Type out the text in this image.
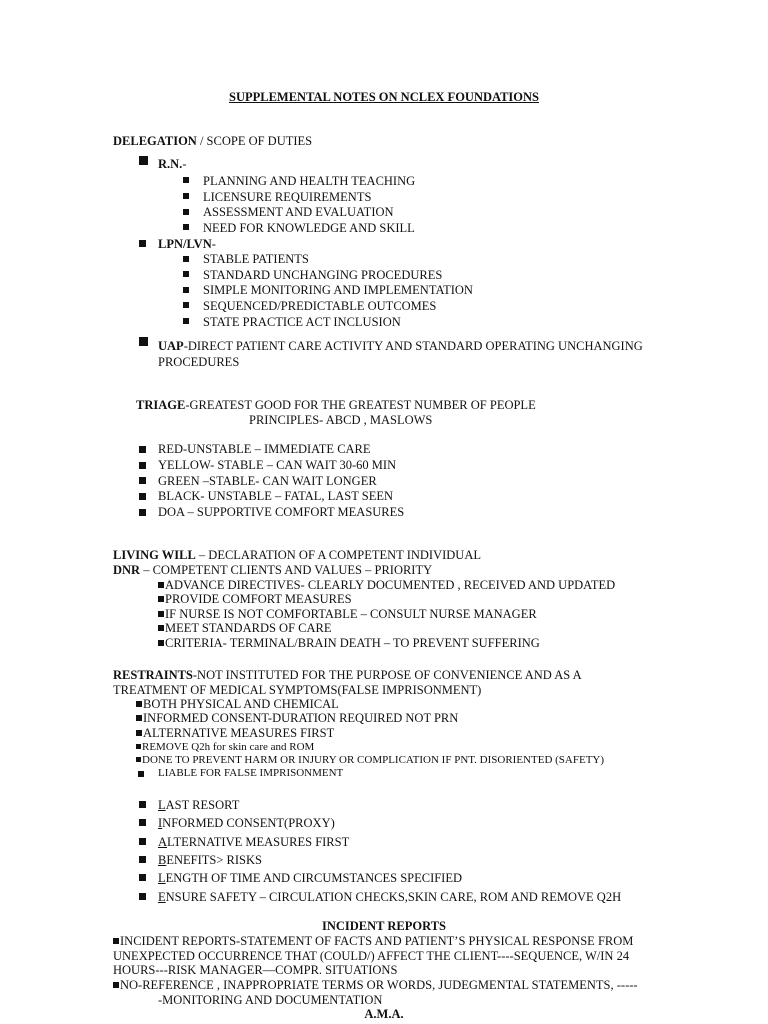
SUPPLEMENTAL NOTES ON NCLEX FOUNDATIONS
DELEGATION / SCOPE OF DUTIES
R.N.-
PLANNING AND HEALTH TEACHING
LICENSURE REQUIREMENTS
ASSESSMENT AND EVALUATION
NEED FOR KNOWLEDGE AND SKILL
LPN/LVN-
STABLE PATIENTS
STANDARD UNCHANGING PROCEDURES
SIMPLE MONITORING AND IMPLEMENTATION
SEQUENCED/PREDICTABLE OUTCOMES
STATE PRACTICE ACT INCLUSION
UAP-DIRECT PATIENT CARE ACTIVITY AND STANDARD OPERATING UNCHANGING
PROCEDURES
TRIAGE-GREATEST GOOD FOR THE GREATEST NUMBER OF PEOPLE
PRINCIPLES- ABCD , MASLOWS
RED-UNSTABLE – IMMEDIATE CARE
YELLOW- STABLE – CAN WAIT 30-60 MIN
GREEN –STABLE- CAN WAIT LONGER
BLACK- UNSTABLE – FATAL, LAST SEEN
DOA – SUPPORTIVE COMFORT MEASURES
LIVING WILL – DECLARATION OF A COMPETENT INDIVIDUAL
DNR – COMPETENT CLIENTS AND VALUES – PRIORITY
ADVANCE DIRECTIVES- CLEARLY DOCUMENTED , RECEIVED AND UPDATED
PROVIDE COMFORT MEASURES
IF NURSE IS NOT COMFORTABLE – CONSULT NURSE MANAGER
MEET STANDARDS OF CARE
CRITERIA- TERMINAL/BRAIN DEATH – TO PREVENT SUFFERING
RESTRAINTS-NOT INSTITUTED FOR THE PURPOSE OF CONVENIENCE AND AS A
TREATMENT OF MEDICAL SYMPTOMS(FALSE IMPRISONMENT)
BOTH PHYSICAL AND CHEMICAL
INFORMED CONSENT-DURATION REQUIRED NOT PRN
ALTERNATIVE MEASURES FIRST
REMOVE Q2h for skin care and ROM
DONE TO PREVENT HARM OR INJURY OR COMPLICATION IF PNT. DISORIENTED (SAFETY)
LIABLE FOR FALSE IMPRISONMENT
LAST RESORT
INFORMED CONSENT(PROXY)
ALTERNATIVE MEASURES FIRST
BENEFITS> RISKS
LENGTH OF TIME AND CIRCUMSTANCES SPECIFIED
ENSURE SAFETY – CIRCULATION CHECKS,SKIN CARE, ROM AND REMOVE Q2H
INCIDENT REPORTS
INCIDENT REPORTS-STATEMENT OF FACTS AND PATIENT’S PHYSICAL RESPONSE FROM
UNEXPECTED OCCURRENCE THAT (COULD/) AFFECT THE CLIENT----SEQUENCE, W/IN 24
HOURS---RISK MANAGER—COMPR. SITUATIONS
NO-REFERENCE , INAPPROPRIATE TERMS OR WORDS, JUDEGMENTAL STATEMENTS, -----
-MONITORING AND DOCUMENTATION
A.M.A.
